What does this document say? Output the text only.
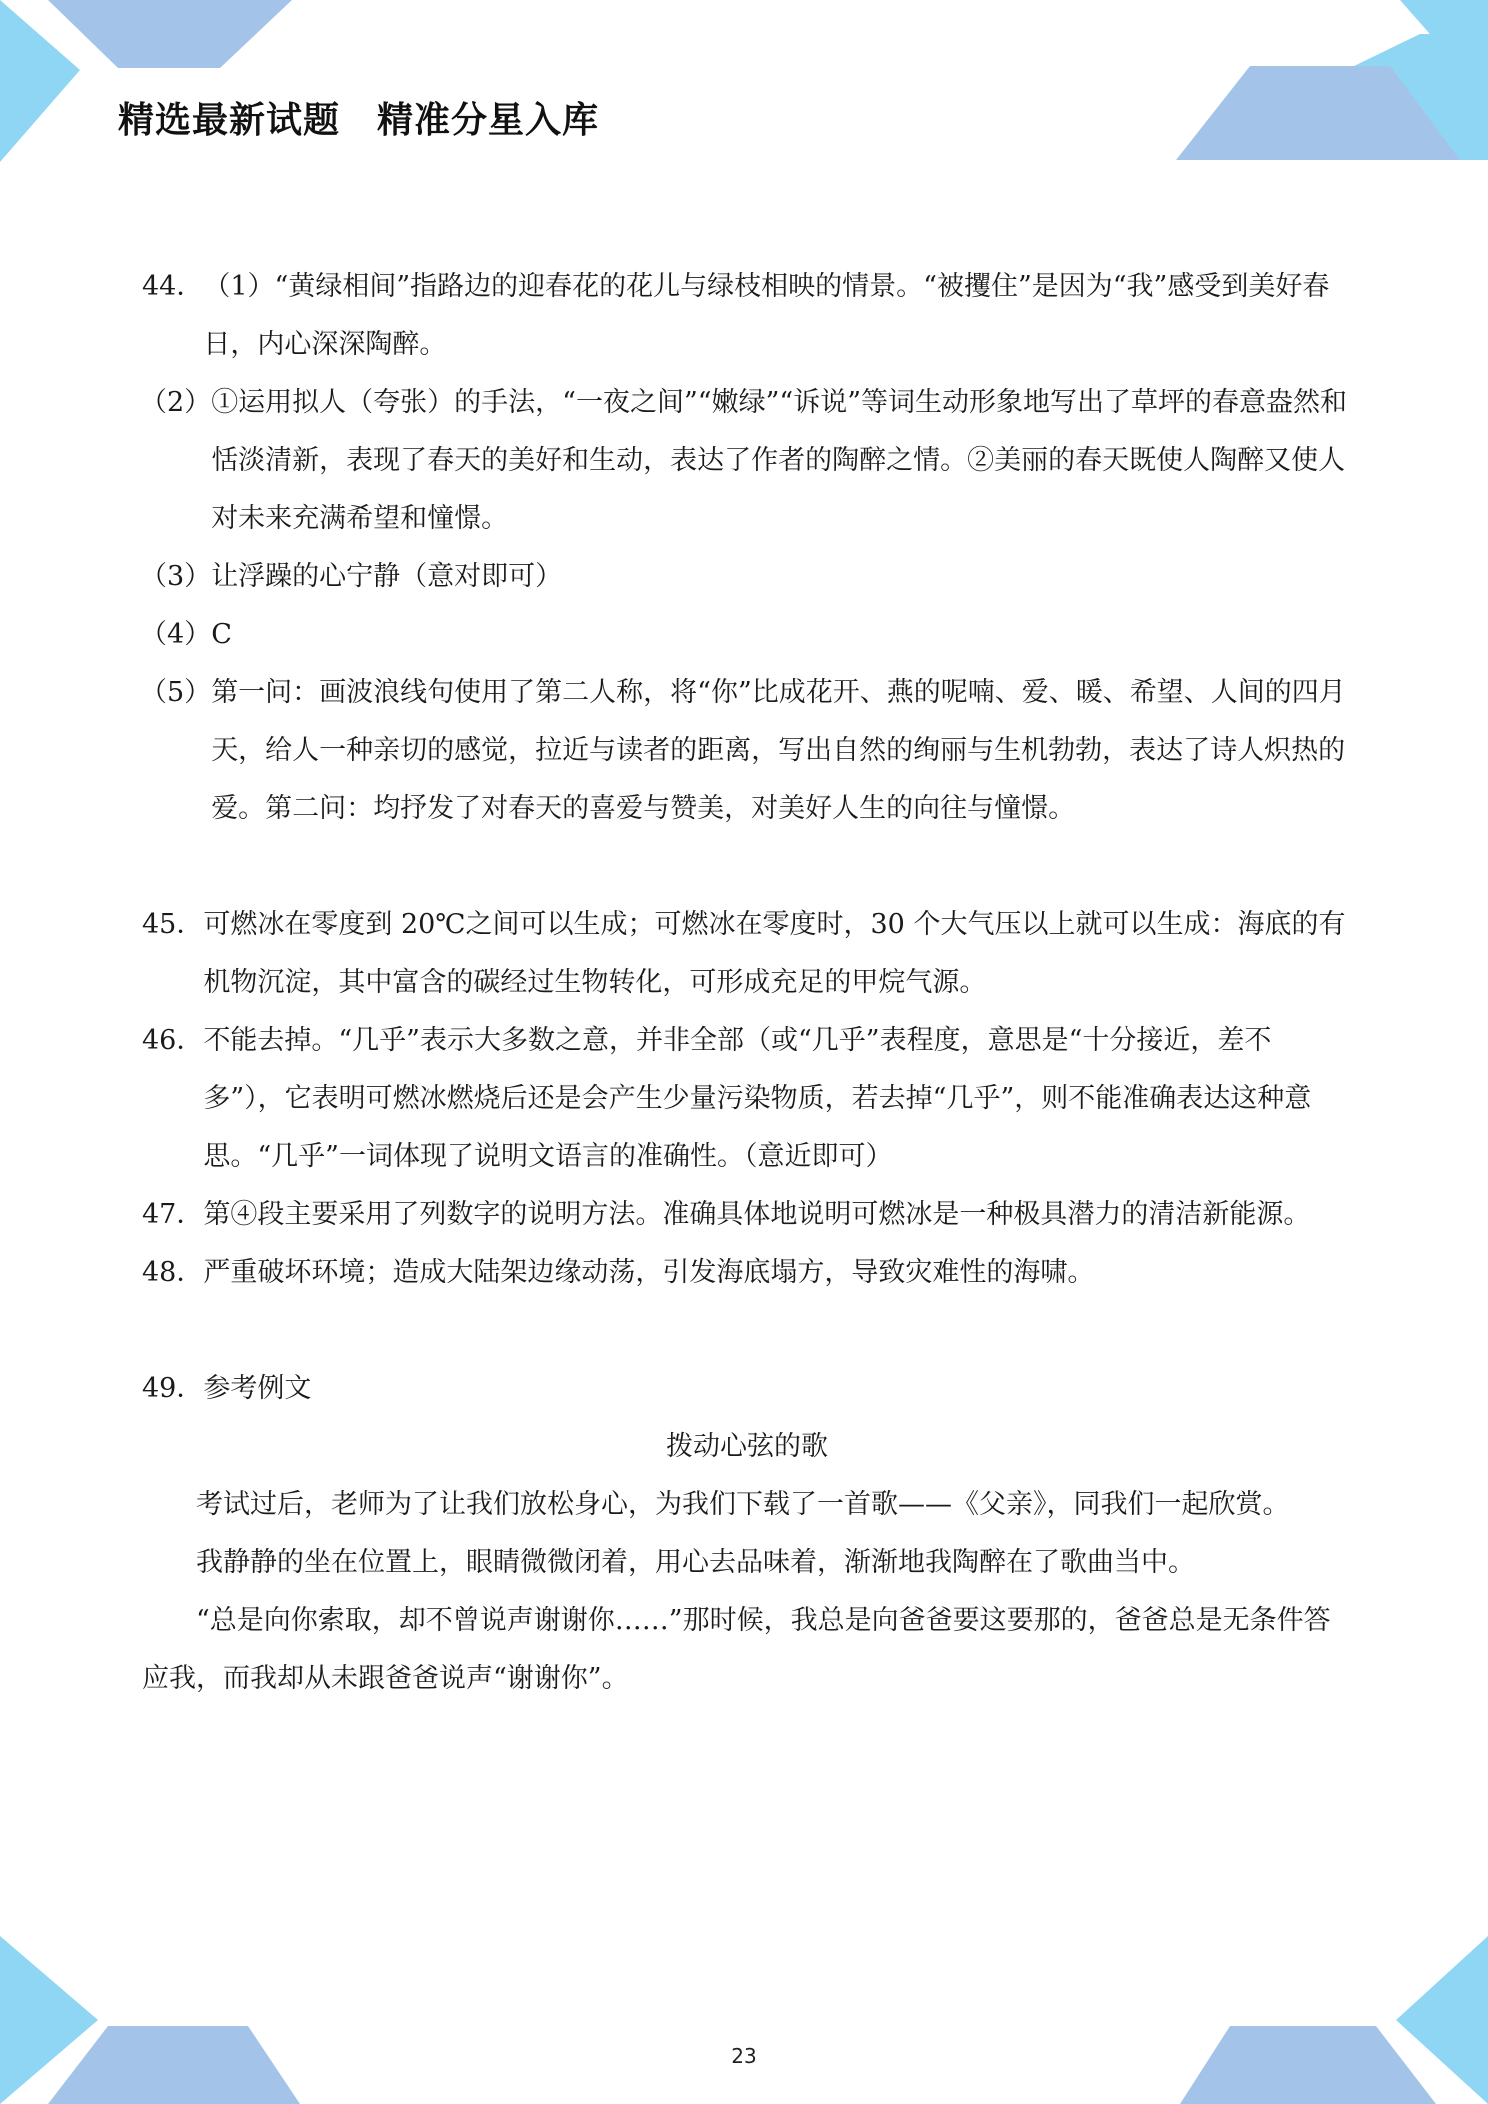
精选最新试题　精准分星入库
44． （1）“黄绿相间”指路边的迎春花的花儿与绿枝相映的情景。“被攫住”是因为“我”感受到美好春日，内心深深陶醉。
（2） ①运用拟人（夸张）的手法，“一夜之间”“嫩绿”“诉说”等词生动形象地写出了草坪的春意盎然和恬淡清新，表现了春天的美好和生动，表达了作者的陶醉之情。②美丽的春天既使人陶醉又使人对未来充满希望和憧憬。
（3） 让浮躁的心宁静（意对即可）
（4） C
（5） 第一问：画波浪线句使用了第二人称，将“你”比成花开、燕的呢喃、爱、暖、希望、人间的四月天，给人一种亲切的感觉，拉近与读者的距离，写出自然的绚丽与生机勃勃，表达了诗人炽热的爱。第二问：均抒发了对春天的喜爱与赞美，对美好人生的向往与憧憬。
45． 可燃冰在零度到 20℃之间可以生成；可燃冰在零度时，30 个大气压以上就可以生成：海底的有机物沉淀，其中富含的碳经过生物转化，可形成充足的甲烷气源。
46． 不能去掉。“几乎”表示大多数之意，并非全部（或“几乎”表程度，意思是“十分接近，差不多”），它表明可燃冰燃烧后还是会产生少量污染物质，若去掉“几乎”，则不能准确表达这种意思。“几乎”一词体现了说明文语言的准确性。（意近即可）
47． 第④段主要采用了列数字的说明方法。准确具体地说明可燃冰是一种极具潜力的清洁新能源。
48． 严重破坏环境；造成大陆架边缘动荡，引发海底塌方，导致灾难性的海啸。
49． 参考例文

拨动心弦的歌

考试过后，老师为了让我们放松身心，为我们下载了一首歌——《父亲》，同我们一起欣赏。

我静静的坐在位置上，眼睛微微闭着，用心去品味着，渐渐地我陶醉在了歌曲当中。

“总是向你索取，却不曾说声谢谢你……”那时候，我总是向爸爸要这要那的，爸爸总是无条件答应我，而我却从未跟爸爸说声“谢谢你”。

23
